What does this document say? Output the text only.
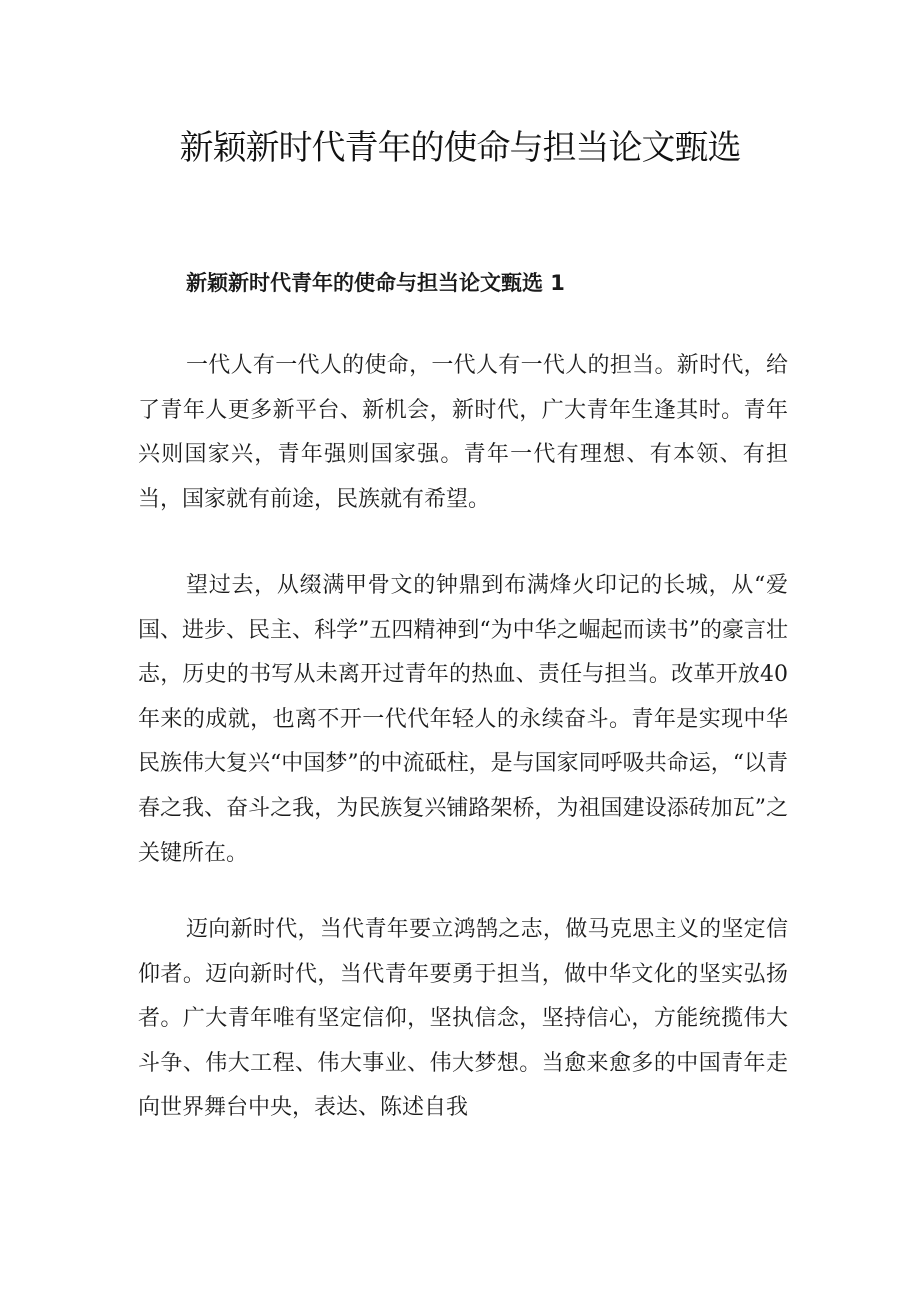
新颖新时代青年的使命与担当论文甄选
新颖新时代青年的使命与担当论文甄选 1

一代人有一代人的使命，一代人有一代人的担当。新时代，给了青年人更多新平台、新机会，新时代，广大青年生逢其时。青年兴则国家兴，青年强则国家强。青年一代有理想、有本领、有担当，国家就有前途，民族就有希望。

望过去，从缀满甲骨文的钟鼎到布满烽火印记的长城，从“爱国、进步、民主、科学”五四精神到“为中华之崛起而读书”的豪言壮志，历史的书写从未离开过青年的热血、责任与担当。改革开放40年来的成就，也离不开一代代年轻人的永续奋斗。青年是实现中华民族伟大复兴“中国梦”的中流砥柱，是与国家同呼吸共命运，“以青春之我、奋斗之我，为民族复兴铺路架桥，为祖国建设添砖加瓦”之关键所在。

迈向新时代，当代青年要立鸿鹄之志，做马克思主义的坚定信仰者。迈向新时代，当代青年要勇于担当，做中华文化的坚实弘扬者。广大青年唯有坚定信仰，坚执信念，坚持信心，方能统揽伟大斗争、伟大工程、伟大事业、伟大梦想。当愈来愈多的中国青年走向世界舞台中央，表达、陈述自我
